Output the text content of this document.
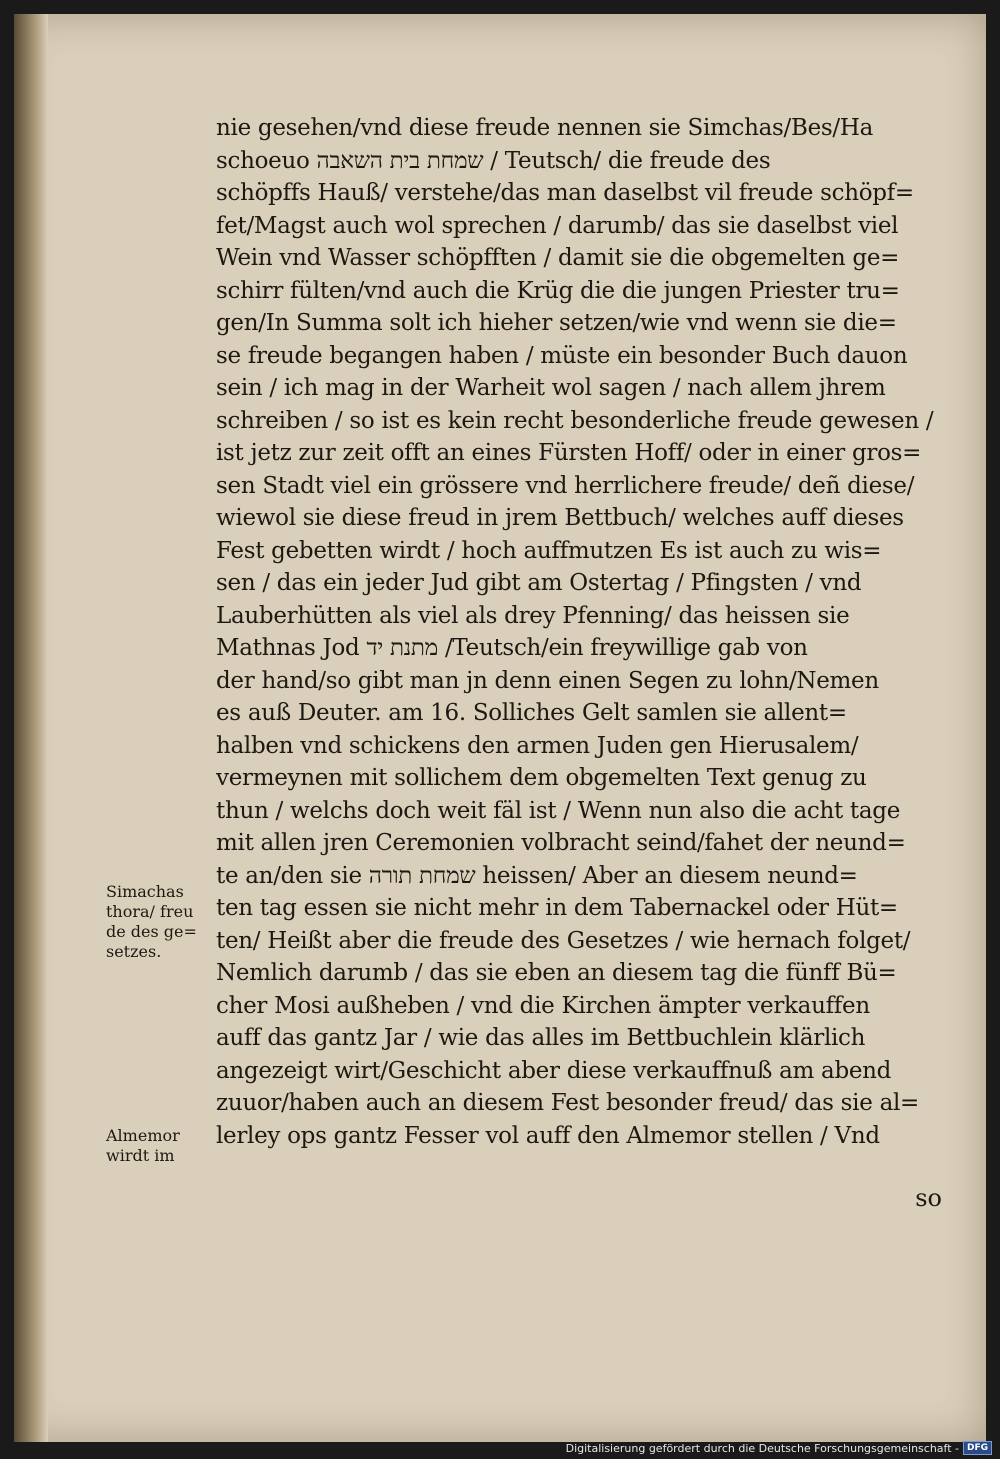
nie gesehen/vnd diese freude nennen sie Simchas/Bes/Ha
schoeuo שמחת בית השאבה / Teutsch/ die freude des
schöpffs Hauß/ verstehe/das man daselbst vil freude schöpf=
fet/Magst auch wol sprechen / darumb/ das sie daselbst viel
Wein vnd Wasser schöpfften / damit sie die obgemelten ge=
schirr fülten/vnd auch die Krüg die die jungen Priester tru=
gen/In Summa solt ich hieher setzen/wie vnd wenn sie die=
se freude begangen haben / müste ein besonder Buch dauon
sein / ich mag in der Warheit wol sagen / nach allem jhrem
schreiben / so ist es kein recht besonderliche freude gewesen /
ist jetz zur zeit offt an eines Fürsten Hoff/ oder in einer gros=
sen Stadt viel ein grössere vnd herrlichere freude/ deñ diese/
wiewol sie diese freud in jrem Bettbuch/ welches auff dieses
Fest gebetten wirdt / hoch auffmutzen Es ist auch zu wis=
sen / das ein jeder Jud gibt am Ostertag / Pfingsten / vnd
Lauberhütten als viel als drey Pfenning/ das heissen sie
Mathnas Jod מתנת יד /Teutsch/ein freywillige gab von
der hand/so gibt man jn denn einen Segen zu lohn/Nemen
es auß Deuter. am 16. Solliches Gelt samlen sie allent=
halben vnd schickens den armen Juden gen Hierusalem/
vermeynen mit sollichem dem obgemelten Text genug zu
thun / welchs doch weit fäl ist / Wenn nun also die acht tage
mit allen jren Ceremonien volbracht seind/fahet der neund=
te an/den sie שמחת תורה heissen/ Aber an diesem neund=
ten tag essen sie nicht mehr in dem Tabernackel oder Hüt=
ten/ Heißt aber die freude des Gesetzes / wie hernach folget/
Nemlich darumb / das sie eben an diesem tag die fünff Bü=
cher Mosi außheben / vnd die Kirchen ämpter verkauffen
auff das gantz Jar / wie das alles im Bettbuchlein klärlich
angezeigt wirt/Geschicht aber diese verkauffnuß am abend
zuuor/haben auch an diesem Fest besonder freud/ das sie al=
lerley ops gantz Fesser vol auff den Almemor stellen / Vnd
so
Simachas
thora/ freu
de des ge=
setzes.
Almemor
wirdt im
Digitalisierung gefördert durch die Deutsche Forschungsgemeinschaft - DFG
